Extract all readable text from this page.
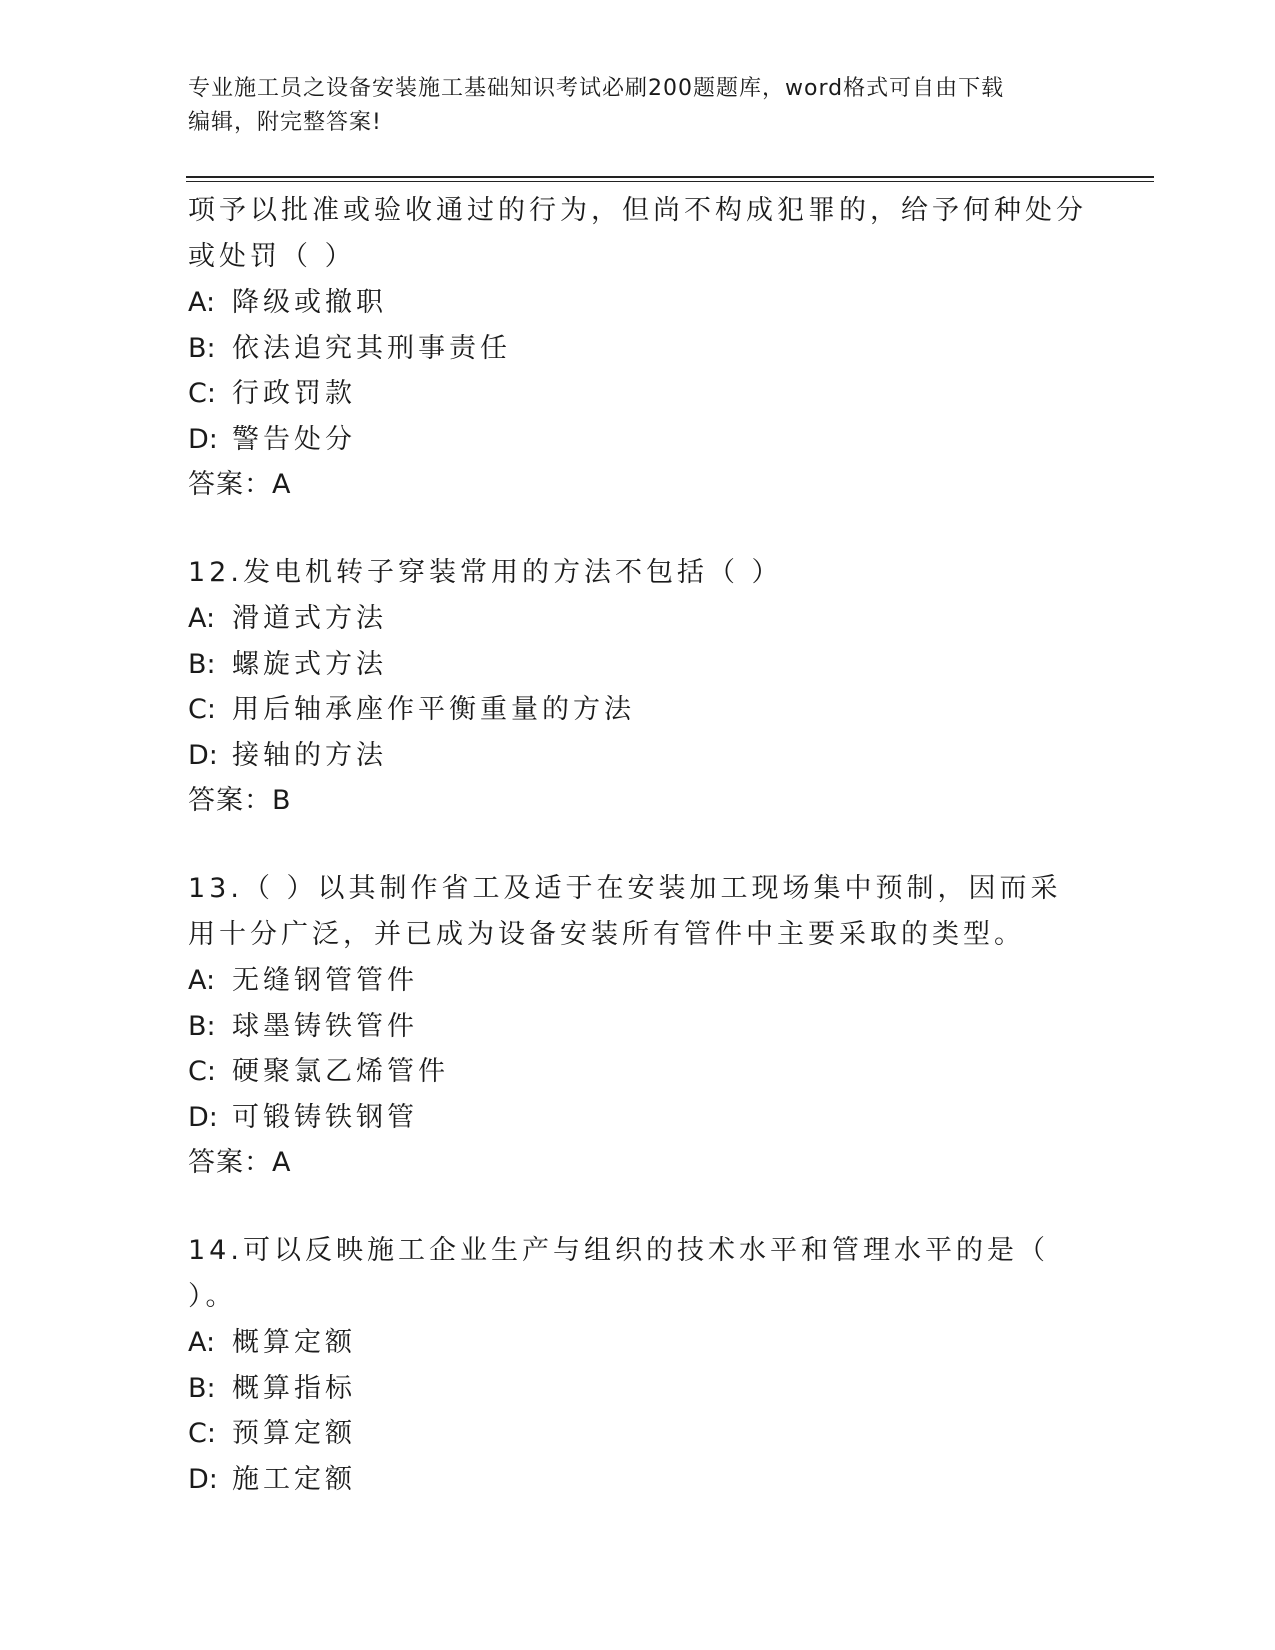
专业施工员之设备安装施工基础知识考试必刷200题题库，word格式可自由下载
编辑，附完整答案!

项予以批准或验收通过的行为，但尚不构成犯罪的，给予何种处分或处罚（ ）

A: 降级或撤职

B: 依法追究其刑事责任

C: 行政罚款

D: 警告处分

答案：A

12.发电机转子穿装常用的方法不包括（ ）

A: 滑道式方法

B: 螺旋式方法

C: 用后轴承座作平衡重量的方法

D: 接轴的方法

答案：B

13.（ ）以其制作省工及适于在安装加工现场集中预制，因而采用十分广泛，并已成为设备安装所有管件中主要采取的类型。

A: 无缝钢管管件

B: 球墨铸铁管件

C: 硬聚氯乙烯管件

D: 可锻铸铁钢管

答案：A

14.可以反映施工企业生产与组织的技术水平和管理水平的是（ ）。

A: 概算定额

B: 概算指标

C: 预算定额

D: 施工定额
